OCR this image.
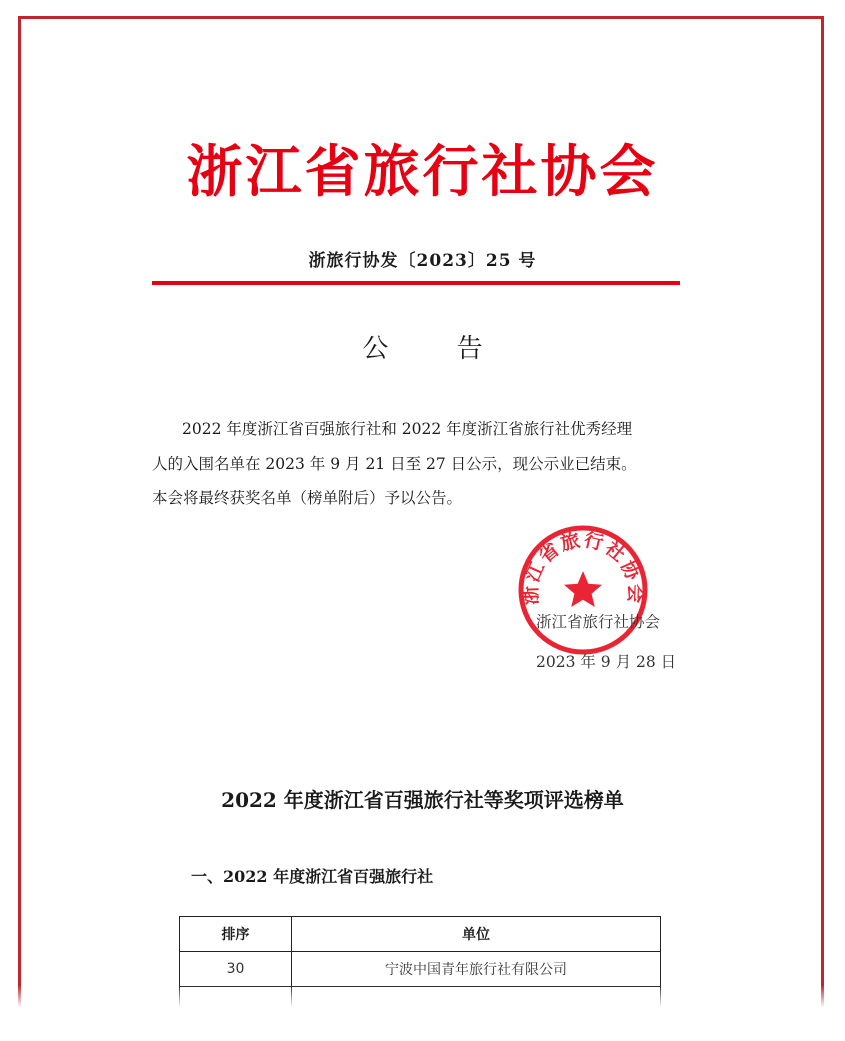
浙江省旅行社协会
浙旅行协发〔2023〕25 号
公 告

2022 年度浙江省百强旅行社和 2022 年度浙江省旅行社优秀经理

人的入围名单在 2023 年 9 月 21 日至 27 日公示，现公示业已结束。

本会将最终获奖名单（榜单附后）予以公告。

浙江省旅行社协会
浙江省旅行社协会
2023 年 9 月 28 日
2022 年度浙江省百强旅行社等奖项评选榜单
一、2022 年度浙江省百强旅行社
排序	单位
30	宁波中国青年旅行社有限公司
